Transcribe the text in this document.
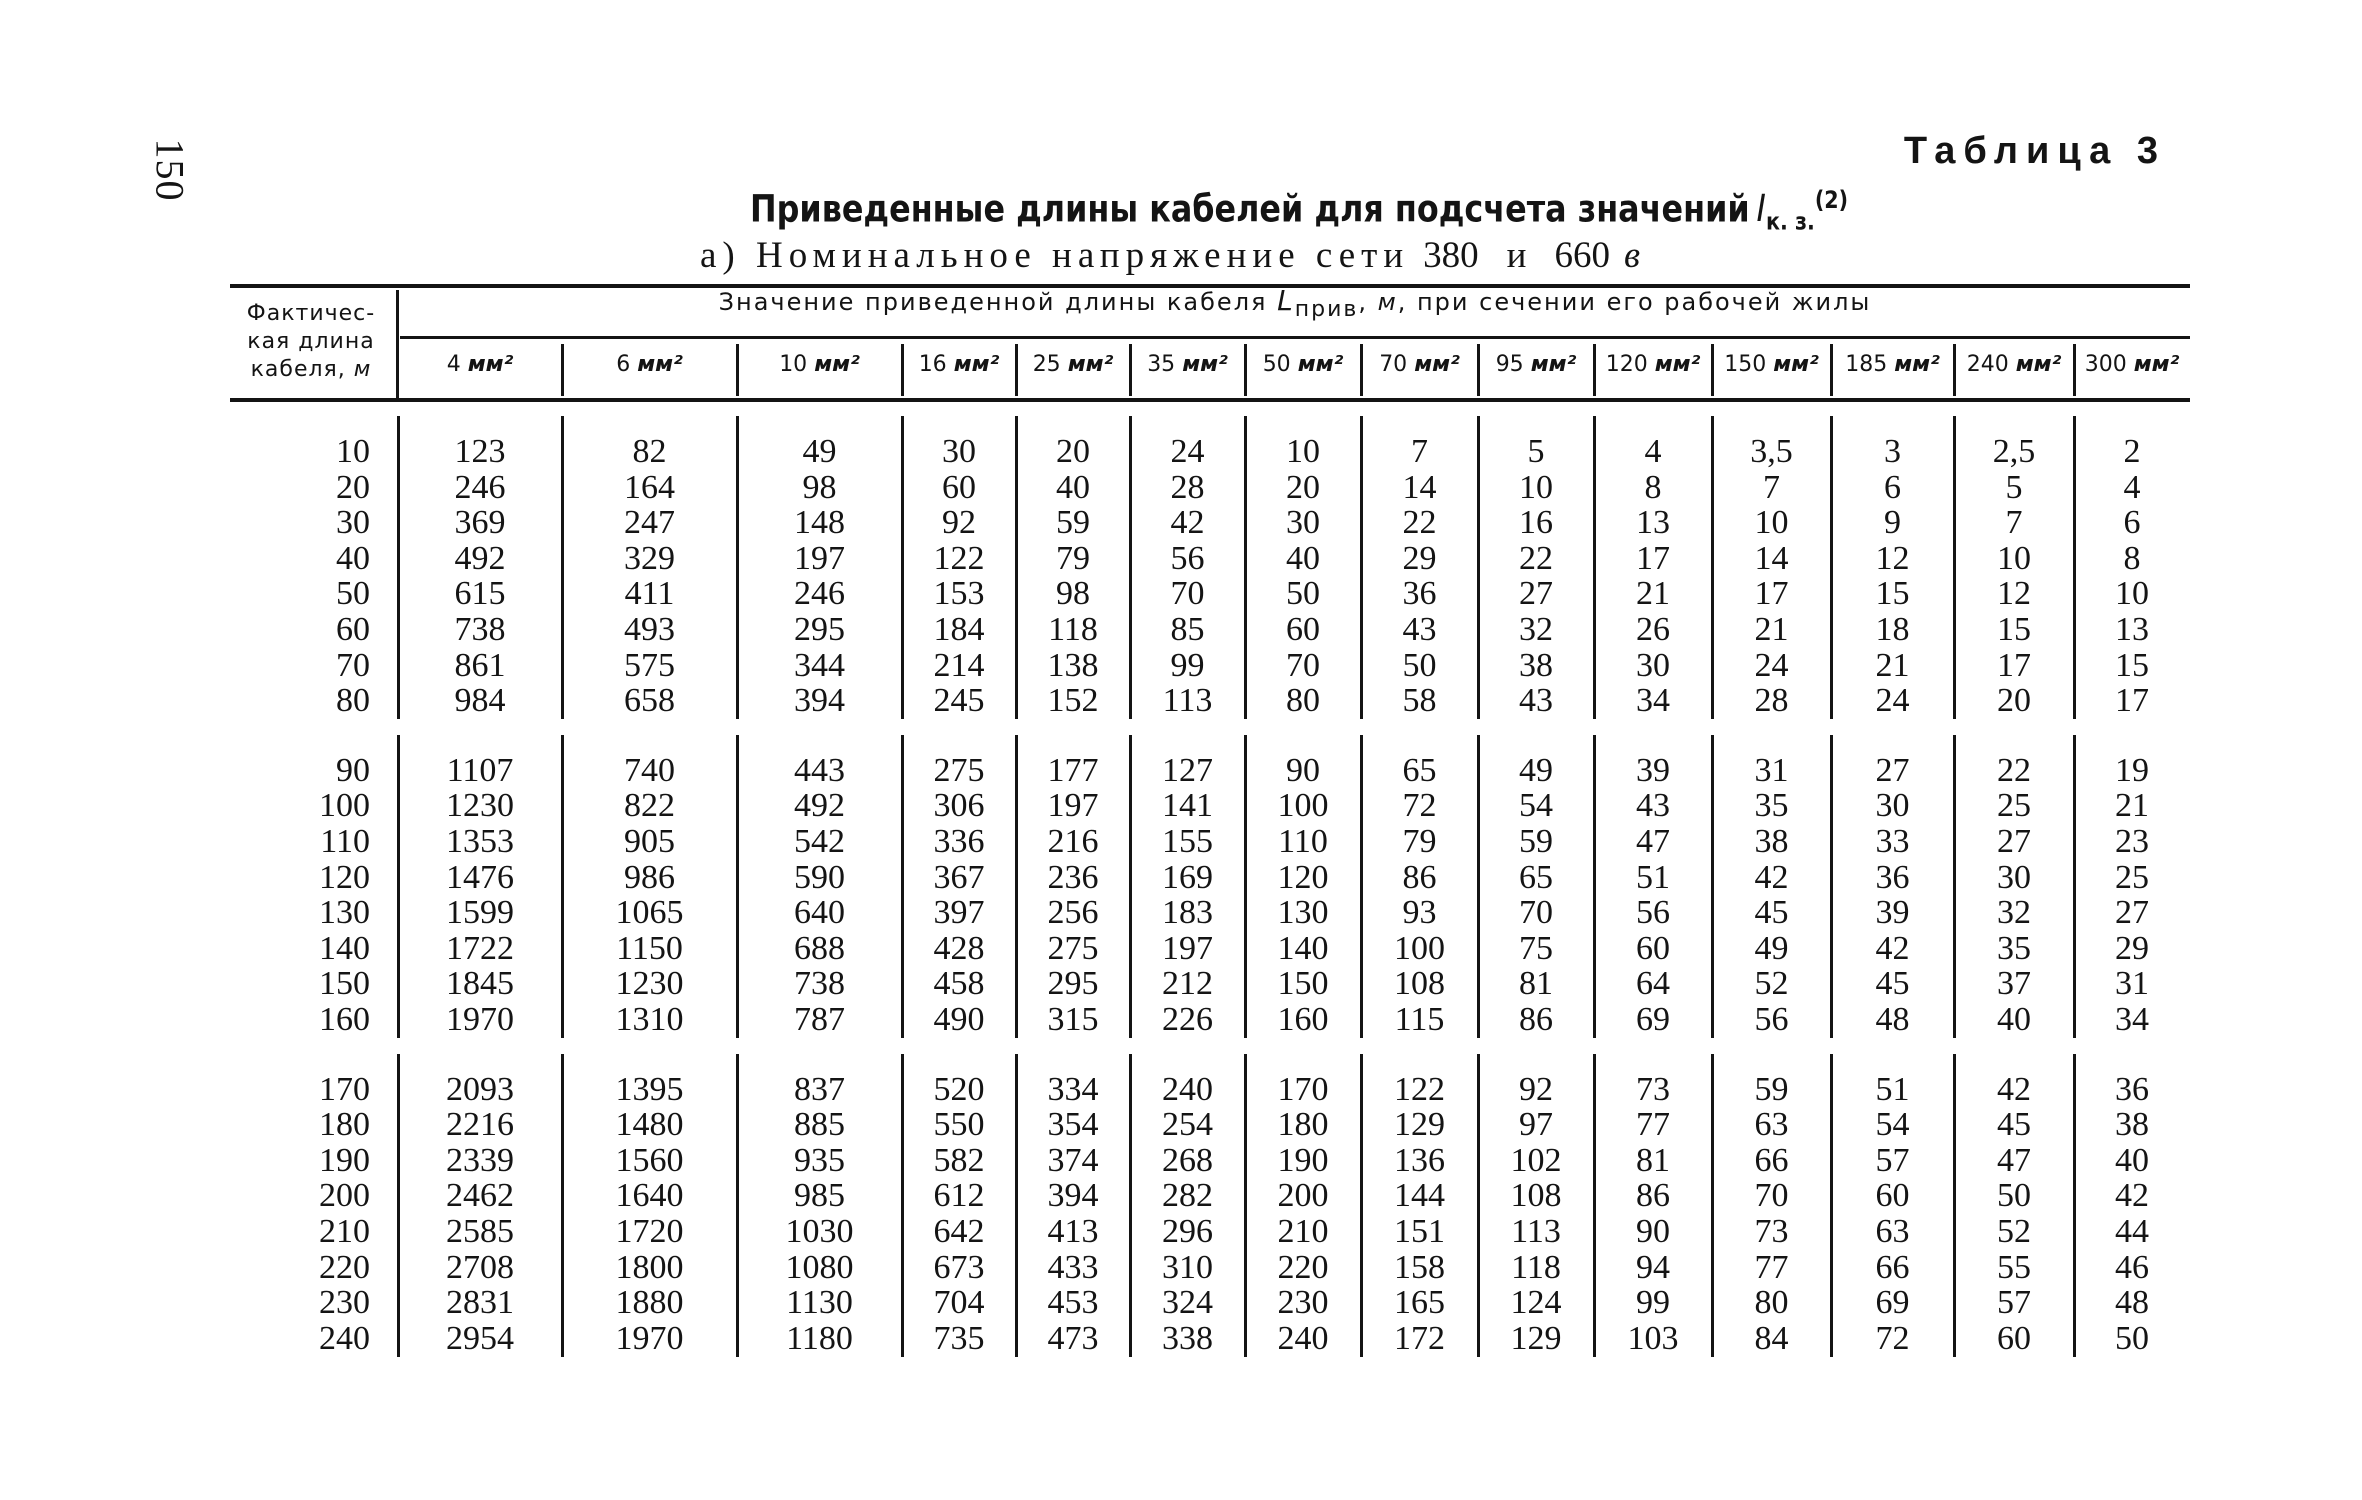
150	Таблица 3
Приведенные длины кабелей для подсчета значений $I_{к. з.}^{(2)}$
а) Номинальное напряжение сети 380 и 660 в
Фактичес-
кая длина
кабеля, м
Значение приведенной длины кабеля $L_{прив}$, м, при сечении его рабочей жилы
4 мм²	6 мм²	10 мм²	16 мм²	25 мм²	35 мм²	50 мм²	70 мм²	95 мм²	120 мм²	150 мм²	185 мм²	240 мм²	300 мм²
10	123	82	49	30	20	24	10	7	5	4	3,5	3	2,5	2
20	246	164	98	60	40	28	20	14	10	8	7	6	5	4
30	369	247	148	92	59	42	30	22	16	13	10	9	7	6
40	492	329	197	122	79	56	40	29	22	17	14	12	10	8
50	615	411	246	153	98	70	50	36	27	21	17	15	12	10
60	738	493	295	184	118	85	60	43	32	26	21	18	15	13
70	861	575	344	214	138	99	70	50	38	30	24	21	17	15
80	984	658	394	245	152	113	80	58	43	34	28	24	20	17
90	1107	740	443	275	177	127	90	65	49	39	31	27	22	19
100	1230	822	492	306	197	141	100	72	54	43	35	30	25	21
110	1353	905	542	336	216	155	110	79	59	47	38	33	27	23
120	1476	986	590	367	236	169	120	86	65	51	42	36	30	25
130	1599	1065	640	397	256	183	130	93	70	56	45	39	32	27
140	1722	1150	688	428	275	197	140	100	75	60	49	42	35	29
150	1845	1230	738	458	295	212	150	108	81	64	52	45	37	31
160	1970	1310	787	490	315	226	160	115	86	69	56	48	40	34
170	2093	1395	837	520	334	240	170	122	92	73	59	51	42	36
180	2216	1480	885	550	354	254	180	129	97	77	63	54	45	38
190	2339	1560	935	582	374	268	190	136	102	81	66	57	47	40
200	2462	1640	985	612	394	282	200	144	108	86	70	60	50	42
210	2585	1720	1030	642	413	296	210	151	113	90	73	63	52	44
220	2708	1800	1080	673	433	310	220	158	118	94	77	66	55	46
230	2831	1880	1130	704	453	324	230	165	124	99	80	69	57	48
240	2954	1970	1180	735	473	338	240	172	129	103	84	72	60	50
